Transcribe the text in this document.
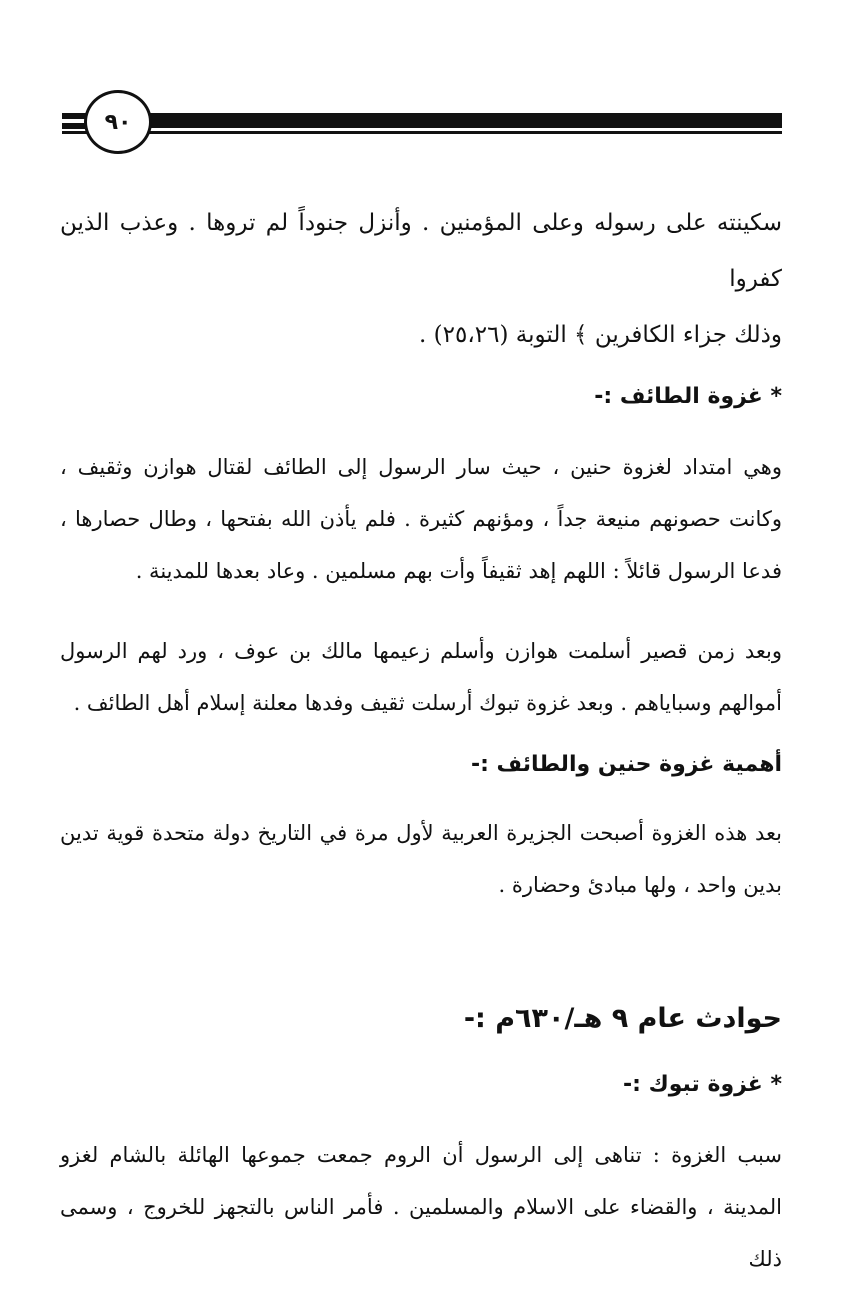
٩٠

سكينته على رسوله وعلى المؤمنين . وأنزل جنوداً لم تروها . وعذب الذين كفروا

وذلك جزاء الكافرين ﴾ التوبة (٢٥،٢٦) .

* غزوة الطائف :-

وهي امتداد لغزوة حنين ، حيث سار الرسول إلى الطائف لقتال هوازن وثقيف ، وكانت حصونهم منيعة جداً ، ومؤنهم كثيرة . فلم يأذن الله بفتحها ، وطال حصارها ، فدعا الرسول قائلاً : اللهم إهد ثقيفاً وأت بهم مسلمين . وعاد بعدها للمدينة .

وبعد زمن قصير أسلمت هوازن وأسلم زعيمها مالك بن عوف ، ورد لهم الرسول أموالهم وسباياهم . وبعد غزوة تبوك أرسلت ثقيف وفدها معلنة إسلام أهل الطائف .

أهمية غزوة حنين والطائف :-

بعد هذه الغزوة أصبحت الجزيرة العربية لأول مرة في التاريخ دولة متحدة قوية تدين بدين واحد ، ولها مبادئ وحضارة .

حوادث عام ٩ هـ/٦٣٠م :-

* غزوة تبوك :-

سبب الغزوة : تناهى إلى الرسول أن الروم جمعت جموعها الهائلة بالشام لغزو المدينة ، والقضاء على الاسلام والمسلمين . فأمر الناس بالتجهز للخروج ، وسمى ذلك
